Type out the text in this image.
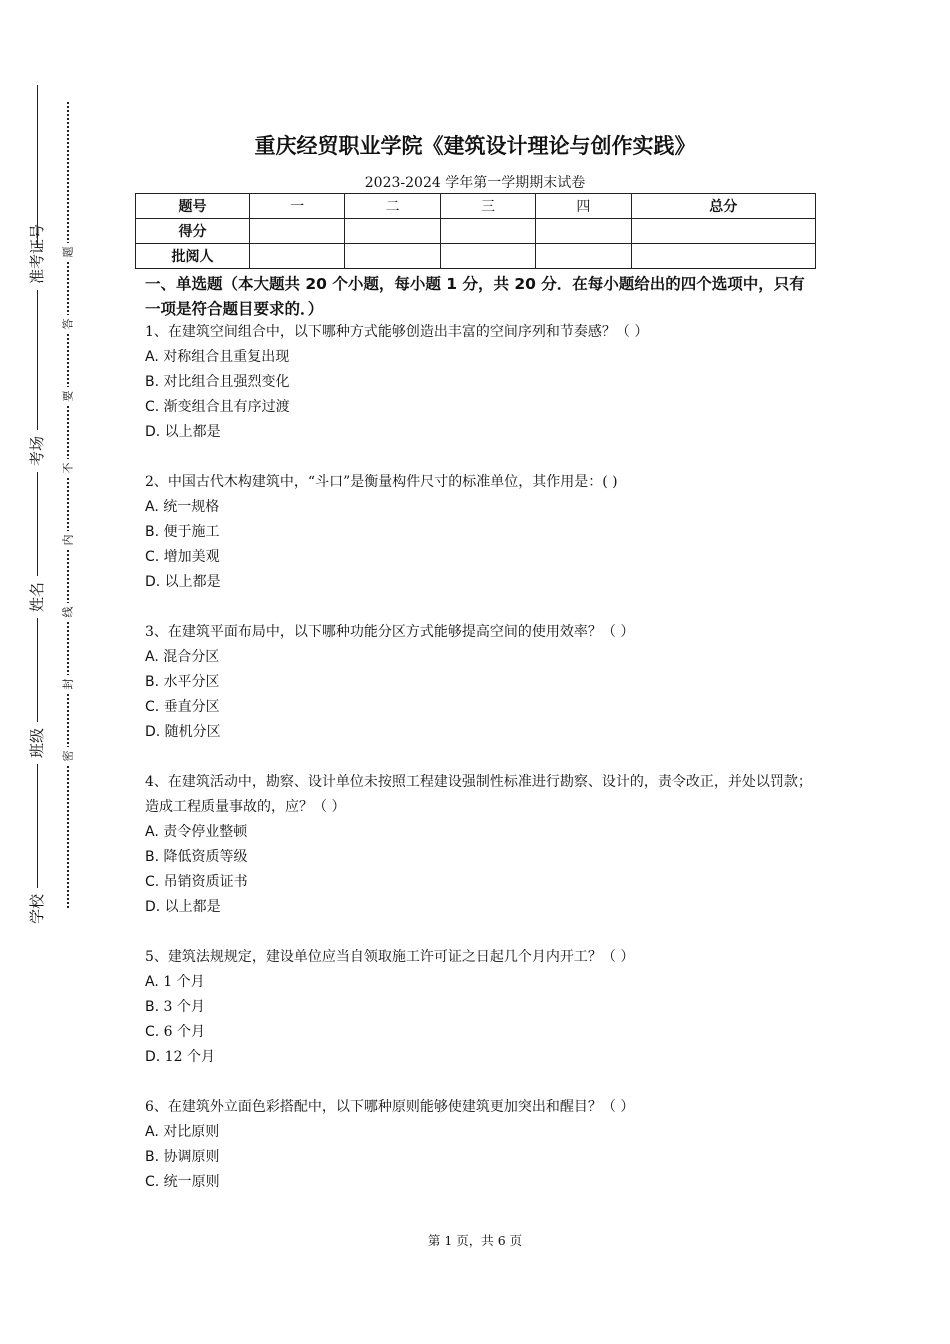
准考证号
考场
姓名
班级
学校
题
答
要
不
内
线
封
密
重庆经贸职业学院《建筑设计理论与创作实践》
2023-2024 学年第一学期期末试卷
题号	一	二	三	四	总分
得分					
批阅人					
一、单选题（本大题共 20 个小题，每小题 1 分，共 20 分．在每小题给出的四个选项中，只有一项是符合题目要求的．）
1、在建筑空间组合中，以下哪种方式能够创造出丰富的空间序列和节奏感？（ ）
A. 对称组合且重复出现
B. 对比组合且强烈变化
C. 渐变组合且有序过渡
D. 以上都是
2、中国古代木构建筑中，“斗口”是衡量构件尺寸的标准单位，其作用是：( )
A. 统一规格
B. 便于施工
C. 增加美观
D. 以上都是
3、在建筑平面布局中，以下哪种功能分区方式能够提高空间的使用效率？（ ）
A. 混合分区
B. 水平分区
C. 垂直分区
D. 随机分区
4、在建筑活动中，勘察、设计单位未按照工程建设强制性标准进行勘察、设计的，责令改正，并处以罚款；造成工程质量事故的，应？（ ）
A. 责令停业整顿
B. 降低资质等级
C. 吊销资质证书
D. 以上都是
5、建筑法规规定，建设单位应当自领取施工许可证之日起几个月内开工？（ ）
A. 1 个月
B. 3 个月
C. 6 个月
D. 12 个月
6、在建筑外立面色彩搭配中，以下哪种原则能够使建筑更加突出和醒目？（ ）
A. 对比原则
B. 协调原则
C. 统一原则
第 1 页，共 6 页
